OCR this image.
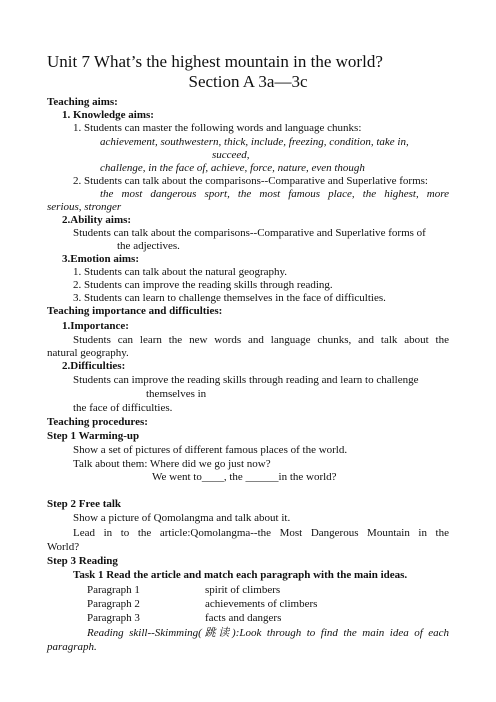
Unit 7 What’s the highest mountain in the world?
Section A 3a—3c
Teaching aims:
1. Knowledge aims:
1. Students can master the following words and language chunks:
achievement, southwestern, thick, include, freezing, condition, take in,
succeed,
challenge, in the face of, achieve, force, nature, even though
2. Students can talk about the comparisons--Comparative and Superlative forms:
the most dangerous sport, the most famous place, the highest, more
serious, stronger
2.Ability aims:
Students can talk about the comparisons--Comparative and Superlative forms of
the adjectives.
3.Emotion aims:
1. Students can talk about the natural geography.
2. Students can improve the reading skills through reading.
3. Students can learn to challenge themselves in the face of difficulties.
Teaching importance and difficulties:
1.Importance:
Students can learn the new words and language chunks, and talk about the
natural geography.
2.Difficulties:
Students can improve the reading skills through reading and learn to challenge
themselves in
the face of difficulties.
Teaching procedures:
Step 1 Warming-up
Show a set of pictures of different famous places of the world.
Talk about them: Where did we go just now?
We went to____, the ______in the world?
Step 2 Free talk
Show a picture of Qomolangma and talk about it.
Lead in to the article:Qomolangma--the Most Dangerous Mountain in the
World?
Step 3 Reading
Task 1 Read the article and match each paragraph with the main ideas.
Paragraph 1	spirit of climbers
Paragraph 2	achievements of climbers
Paragraph 3	facts and dangers
Reading skill--Skimming(跳读):Look through to find the main idea of each
paragraph.
